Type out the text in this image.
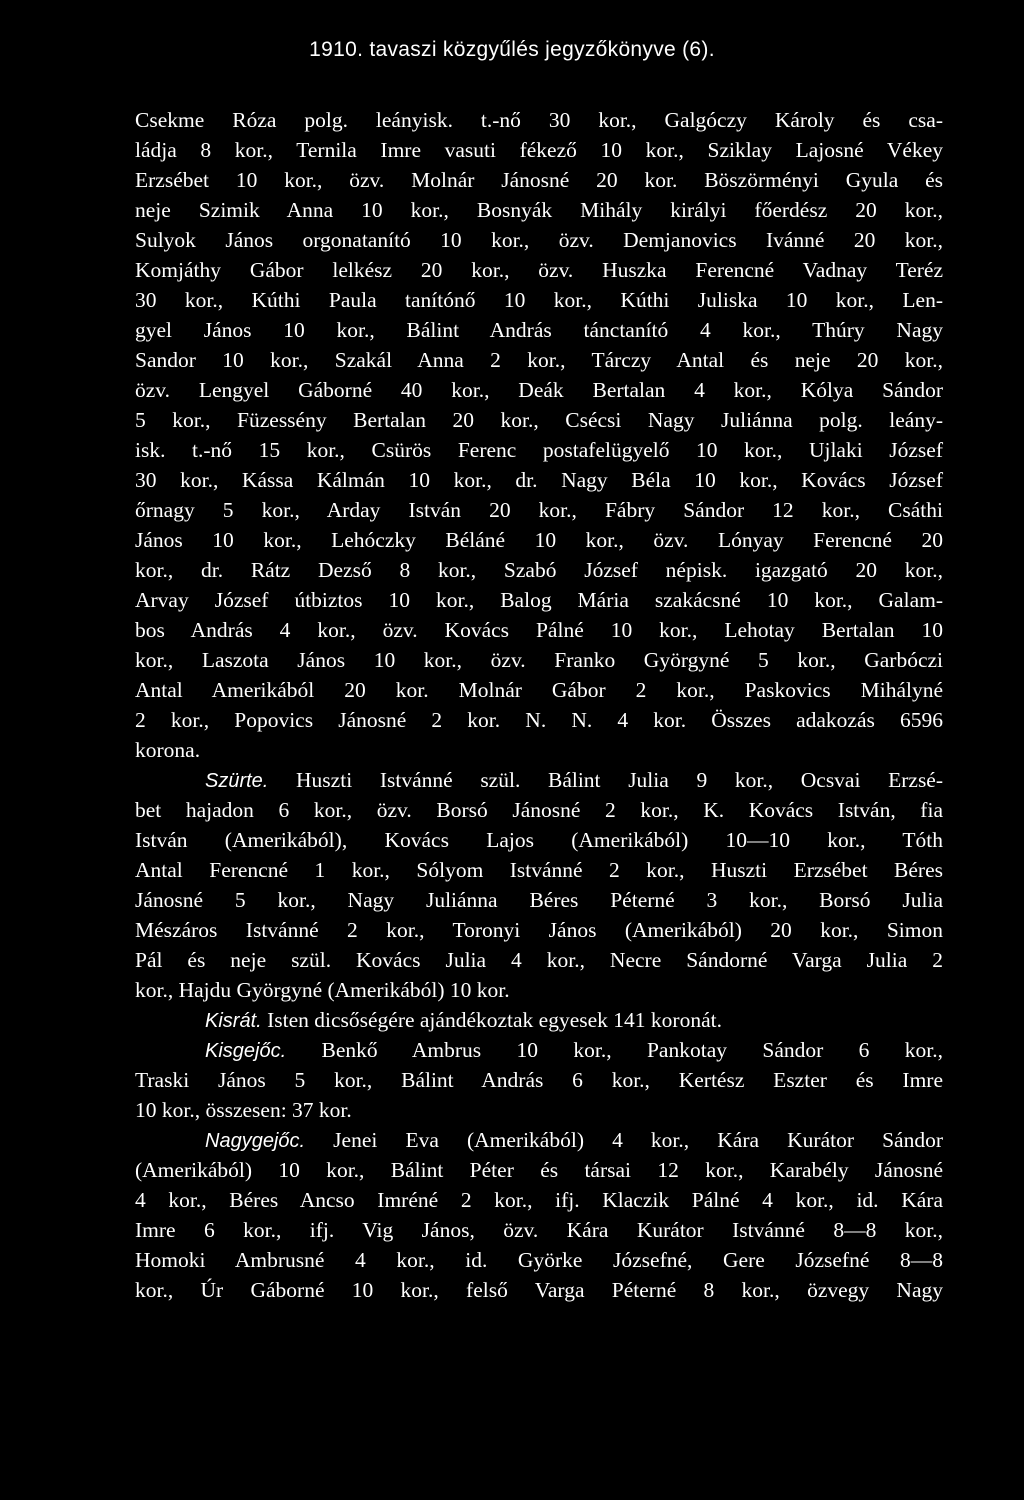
1910. tavaszi közgyűlés jegyzőkönyve (6).
Csekme Róza polg. leányisk. t.-nő 30 kor., Galgóczy Károly és csa-
ládja 8 kor., Ternila Imre vasuti fékező 10 kor., Sziklay Lajosné Vékey
Erzsébet 10 kor., özv. Molnár Jánosné 20 kor. Böszörményi Gyula és
neje Szimik Anna 10 kor., Bosnyák Mihály királyi főerdész 20 kor.,
Sulyok János orgonatanító 10 kor., özv. Demjanovics Ivánné 20 kor.,
Komjáthy Gábor lelkész 20 kor., özv. Huszka Ferencné Vadnay Teréz
30 kor., Kúthi Paula tanítónő 10 kor., Kúthi Juliska 10 kor., Len-
gyel János 10 kor., Bálint András tánctanító 4 kor., Thúry Nagy
Sandor 10 kor., Szakál Anna 2 kor., Tárczy Antal és neje 20 kor.,
özv. Lengyel Gáborné 40 kor., Deák Bertalan 4 kor., Kólya Sándor
5 kor., Füzessény Bertalan 20 kor., Csécsi Nagy Juliánna polg. leány-
isk. t.-nő 15 kor., Csürös Ferenc postafelügyelő 10 kor., Ujlaki József
30 kor., Kássa Kálmán 10 kor., dr. Nagy Béla 10 kor., Kovács József
őrnagy 5 kor., Arday István 20 kor., Fábry Sándor 12 kor., Csáthi
János 10 kor., Lehóczky Béláné 10 kor., özv. Lónyay Ferencné 20
kor., dr. Rátz Dezső 8 kor., Szabó József népisk. igazgató 20 kor.,
Arvay József útbiztos 10 kor., Balog Mária szakácsné 10 kor., Galam-
bos András 4 kor., özv. Kovács Pálné 10 kor., Lehotay Bertalan 10
kor., Laszota János 10 kor., özv. Franko Györgyné 5 kor., Garbóczi
Antal Amerikából 20 kor. Molnár Gábor 2 kor., Paskovics Mihályné
2 kor., Popovics Jánosné 2 kor. N. N. 4 kor. Összes adakozás 6596
korona.
Szürte. Huszti Istvánné szül. Bálint Julia 9 kor., Ocsvai Erzsé-
bet hajadon 6 kor., özv. Borsó Jánosné 2 kor., K. Kovács István, fia
István (Amerikából), Kovács Lajos (Amerikából) 10—10 kor., Tóth
Antal Ferencné 1 kor., Sólyom Istvánné 2 kor., Huszti Erzsébet Béres
Jánosné 5 kor., Nagy Juliánna Béres Péterné 3 kor., Borsó Julia
Mészáros Istvánné 2 kor., Toronyi János (Amerikából) 20 kor., Simon
Pál és neje szül. Kovács Julia 4 kor., Necre Sándorné Varga Julia 2
kor., Hajdu Györgyné (Amerikából) 10 kor.
Kisrát. Isten dicsőségére ajándékoztak egyesek 141 koronát.
Kisgejőc. Benkő Ambrus 10 kor., Pankotay Sándor 6 kor.,
Traski János 5 kor., Bálint András 6 kor., Kertész Eszter és Imre
10 kor., összesen: 37 kor.
Nagygejőc. Jenei Eva (Amerikából) 4 kor., Kára Kurátor Sándor
(Amerikából) 10 kor., Bálint Péter és társai 12 kor., Karabély Jánosné
4 kor., Béres Ancso Imréné 2 kor., ifj. Klaczik Pálné 4 kor., id. Kára
Imre 6 kor., ifj. Vig János, özv. Kára Kurátor Istvánné 8—8 kor.,
Homoki Ambrusné 4 kor., id. Györke Józsefné, Gere Józsefné 8—8
kor., Úr Gáborné 10 kor., felső Varga Péterné 8 kor., özvegy Nagy
